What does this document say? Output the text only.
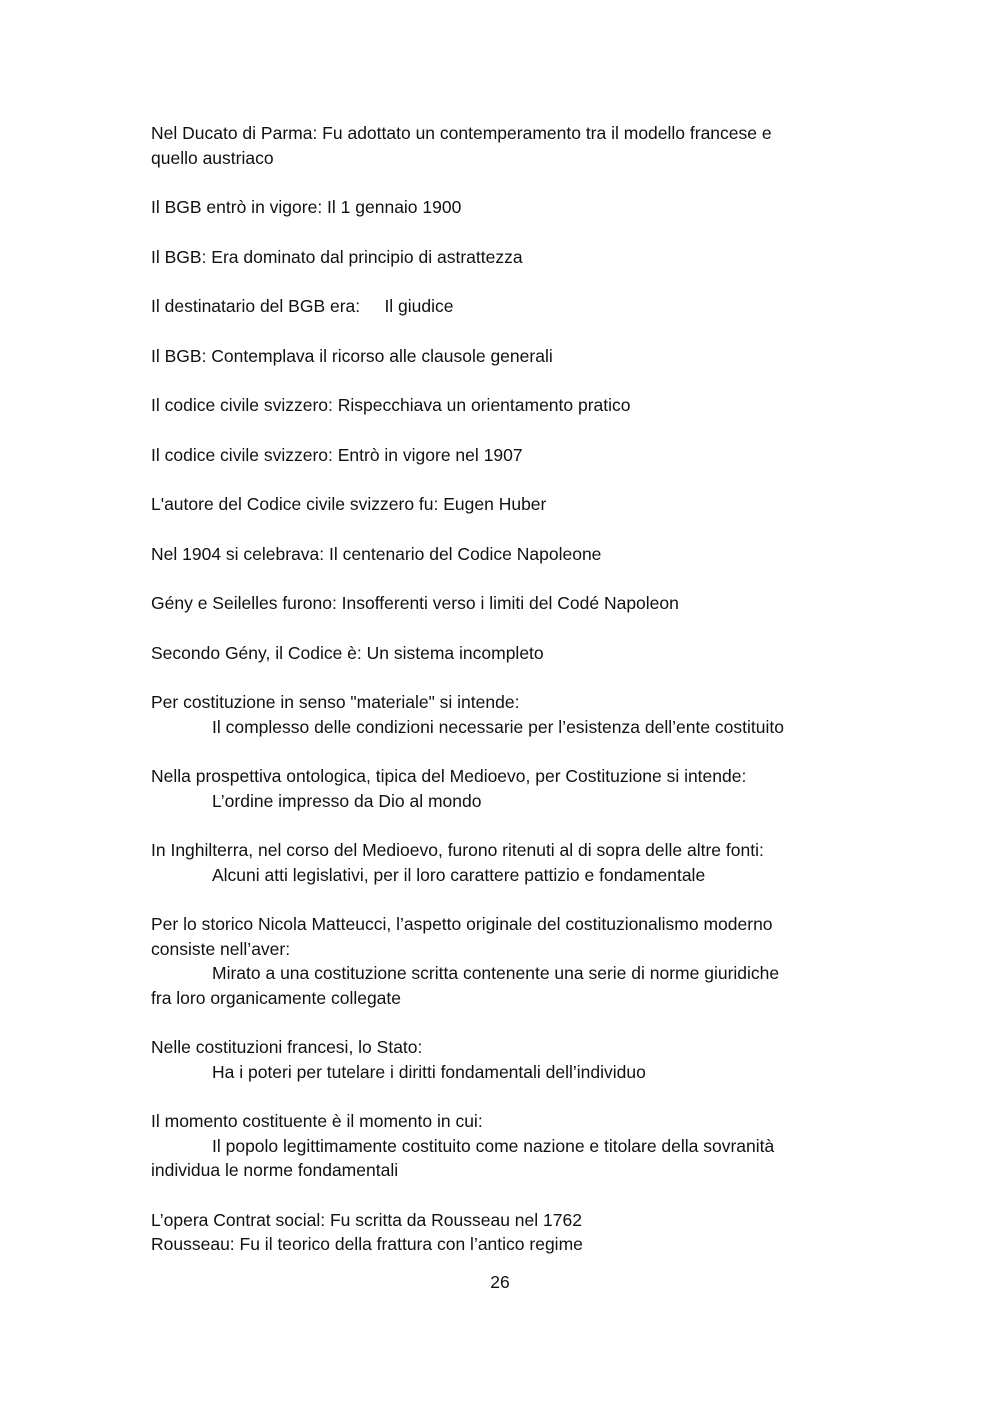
Nel Ducato di Parma: Fu adottato un contemperamento tra il modello francese e
quello austriaco
Il BGB entrò in vigore: Il 1 gennaio 1900
Il BGB: Era dominato dal principio di astrattezza
Il destinatario del BGB era:     Il giudice
Il BGB: Contemplava il ricorso alle clausole generali
Il codice civile svizzero: Rispecchiava un orientamento pratico
Il codice civile svizzero: Entrò in vigore nel 1907
L'autore del Codice civile svizzero fu: Eugen Huber
Nel 1904 si celebrava: Il centenario del Codice Napoleone
Gény e Seilelles furono: Insofferenti verso i limiti del Codé Napoleon
Secondo Gény, il Codice è: Un sistema incompleto
Per costituzione in senso "materiale" si intende:
Il complesso delle condizioni necessarie per l’esistenza dell’ente costituito
Nella prospettiva ontologica, tipica del Medioevo, per Costituzione si intende:
L’ordine impresso da Dio al mondo
In Inghilterra, nel corso del Medioevo, furono ritenuti al di sopra delle altre fonti:
Alcuni atti legislativi, per il loro carattere pattizio e fondamentale
Per lo storico Nicola Matteucci, l’aspetto originale del costituzionalismo moderno
consiste nell’aver:
Mirato a una costituzione scritta contenente una serie di norme giuridiche
fra loro organicamente collegate
Nelle costituzioni francesi, lo Stato:
Ha i poteri per tutelare i diritti fondamentali dell’individuo
Il momento costituente è il momento in cui:
Il popolo legittimamente costituito come nazione e titolare della sovranità
individua le norme fondamentali
L’opera Contrat social: Fu scritta da Rousseau nel 1762
Rousseau: Fu il teorico della frattura con l’antico regime
26
